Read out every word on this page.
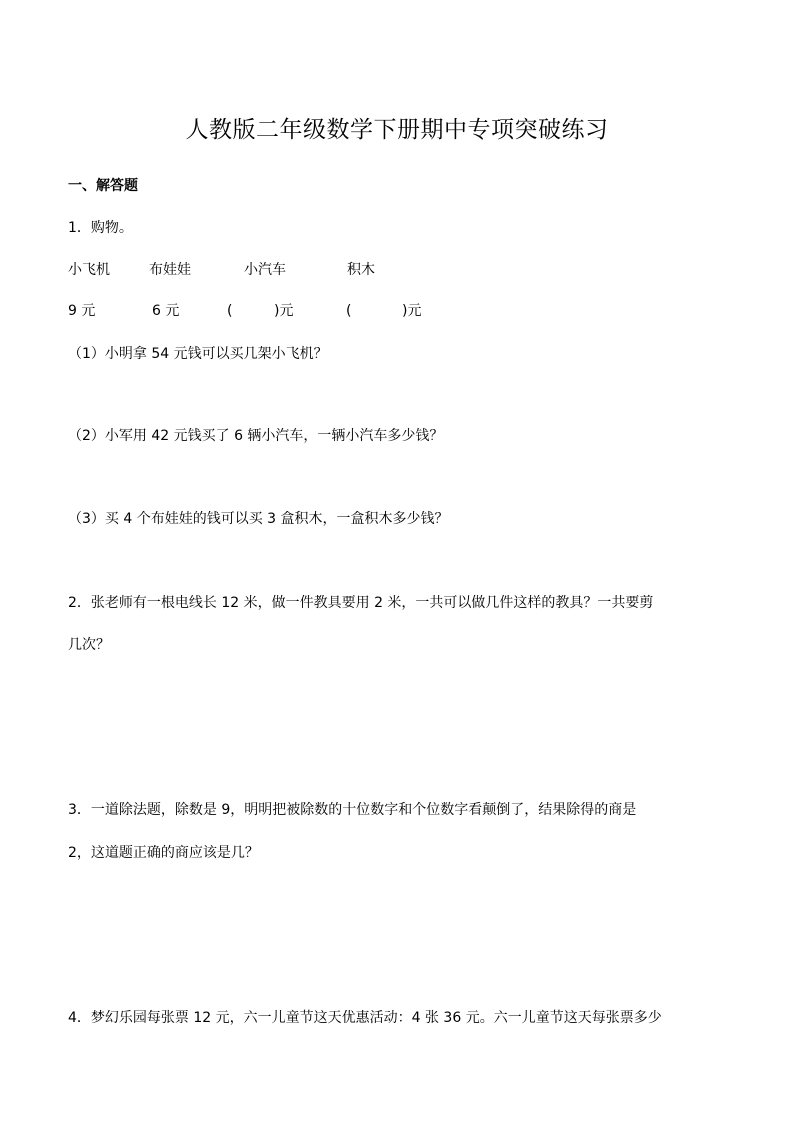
人教版二年级数学下册期中专项突破练习
一、解答题
1．购物。
小飞机	布娃娃	小汽车	积木
9 元	6 元	(	)元	(	)元
（1）小明拿 54 元钱可以买几架小飞机？
（2）小军用 42 元钱买了 6 辆小汽车，一辆小汽车多少钱？
（3）买 4 个布娃娃的钱可以买 3 盒积木，一盒积木多少钱？
2．张老师有一根电线长 12 米，做一件教具要用 2 米，一共可以做几件这样的教具？一共要剪
几次？
3．一道除法题，除数是 9，明明把被除数的十位数字和个位数字看颠倒了，结果除得的商是
2，这道题正确的商应该是几？
4．梦幻乐园每张票 12 元，六一儿童节这天优惠活动：4 张 36 元。六一儿童节这天每张票多少
